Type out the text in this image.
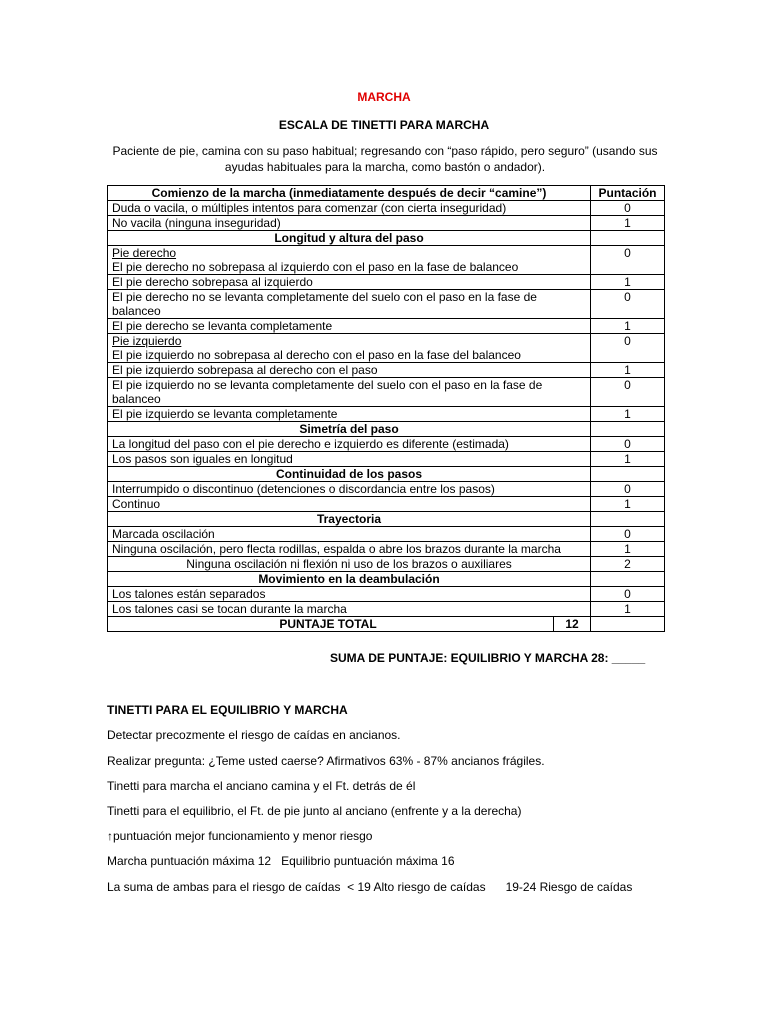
MARCHA
ESCALA DE TINETTI PARA MARCHA
Paciente de pie, camina con su paso habitual; regresando con “paso rápido, pero seguro” (usando sus ayudas habituales para la marcha, como bastón o andador).
Comienzo de la marcha (inmediatamente después de decir “camine”)	Puntación
Duda o vacila, o múltiples intentos para comenzar (con cierta inseguridad)	0
No vacila (ninguna inseguridad)	1
Longitud y altura del paso	
Pie derecho
El pie derecho no sobrepasa al izquierdo con el paso en la fase de balanceo	0
El pie derecho sobrepasa al izquierdo	1
El pie derecho no se levanta completamente del suelo con el paso en la fase de balanceo	0
El pie derecho se levanta completamente	1
Pie izquierdo
El pie izquierdo no sobrepasa al derecho con el paso en la fase del balanceo	0
El pie izquierdo sobrepasa al derecho con el paso	1
El pie izquierdo no se levanta completamente del suelo con el paso en la fase de balanceo	0
El pie izquierdo se levanta completamente	1
Simetría del paso	
La longitud del paso con el pie derecho e izquierdo es diferente (estimada)	0
Los pasos son iguales en longitud	1
Continuidad de los pasos	
Interrumpido o discontinuo (detenciones o discordancia entre los pasos)	0
Continuo	1
Trayectoria	
Marcada oscilación	0
Ninguna oscilación, pero flecta rodillas, espalda o abre los brazos durante la marcha	1
Ninguna oscilación ni flexión ni uso de los brazos o auxiliares	2
Movimiento en la deambulación	
Los talones están separados	0
Los talones casi se tocan durante la marcha	1

PUNTAJE TOTAL 12	

SUMA DE PUNTAJE: EQUILIBRIO Y MARCHA 28: _____
TINETTI PARA EL EQUILIBRIO Y MARCHA
Detectar precozmente el riesgo de caídas en ancianos.
Realizar pregunta: ¿Teme usted caerse? Afirmativos 63% - 87% ancianos frágiles.
Tinetti para marcha el anciano camina y el Ft. detrás de él
Tinetti para el equilibrio, el Ft. de pie junto al anciano (enfrente y a la derecha)
↑puntuación mejor funcionamiento y menor riesgo
Marcha puntuación máxima 12   Equilibrio puntuación máxima 16
La suma de ambas para el riesgo de caídas  < 19 Alto riesgo de caídas      19-24 Riesgo de caídas
